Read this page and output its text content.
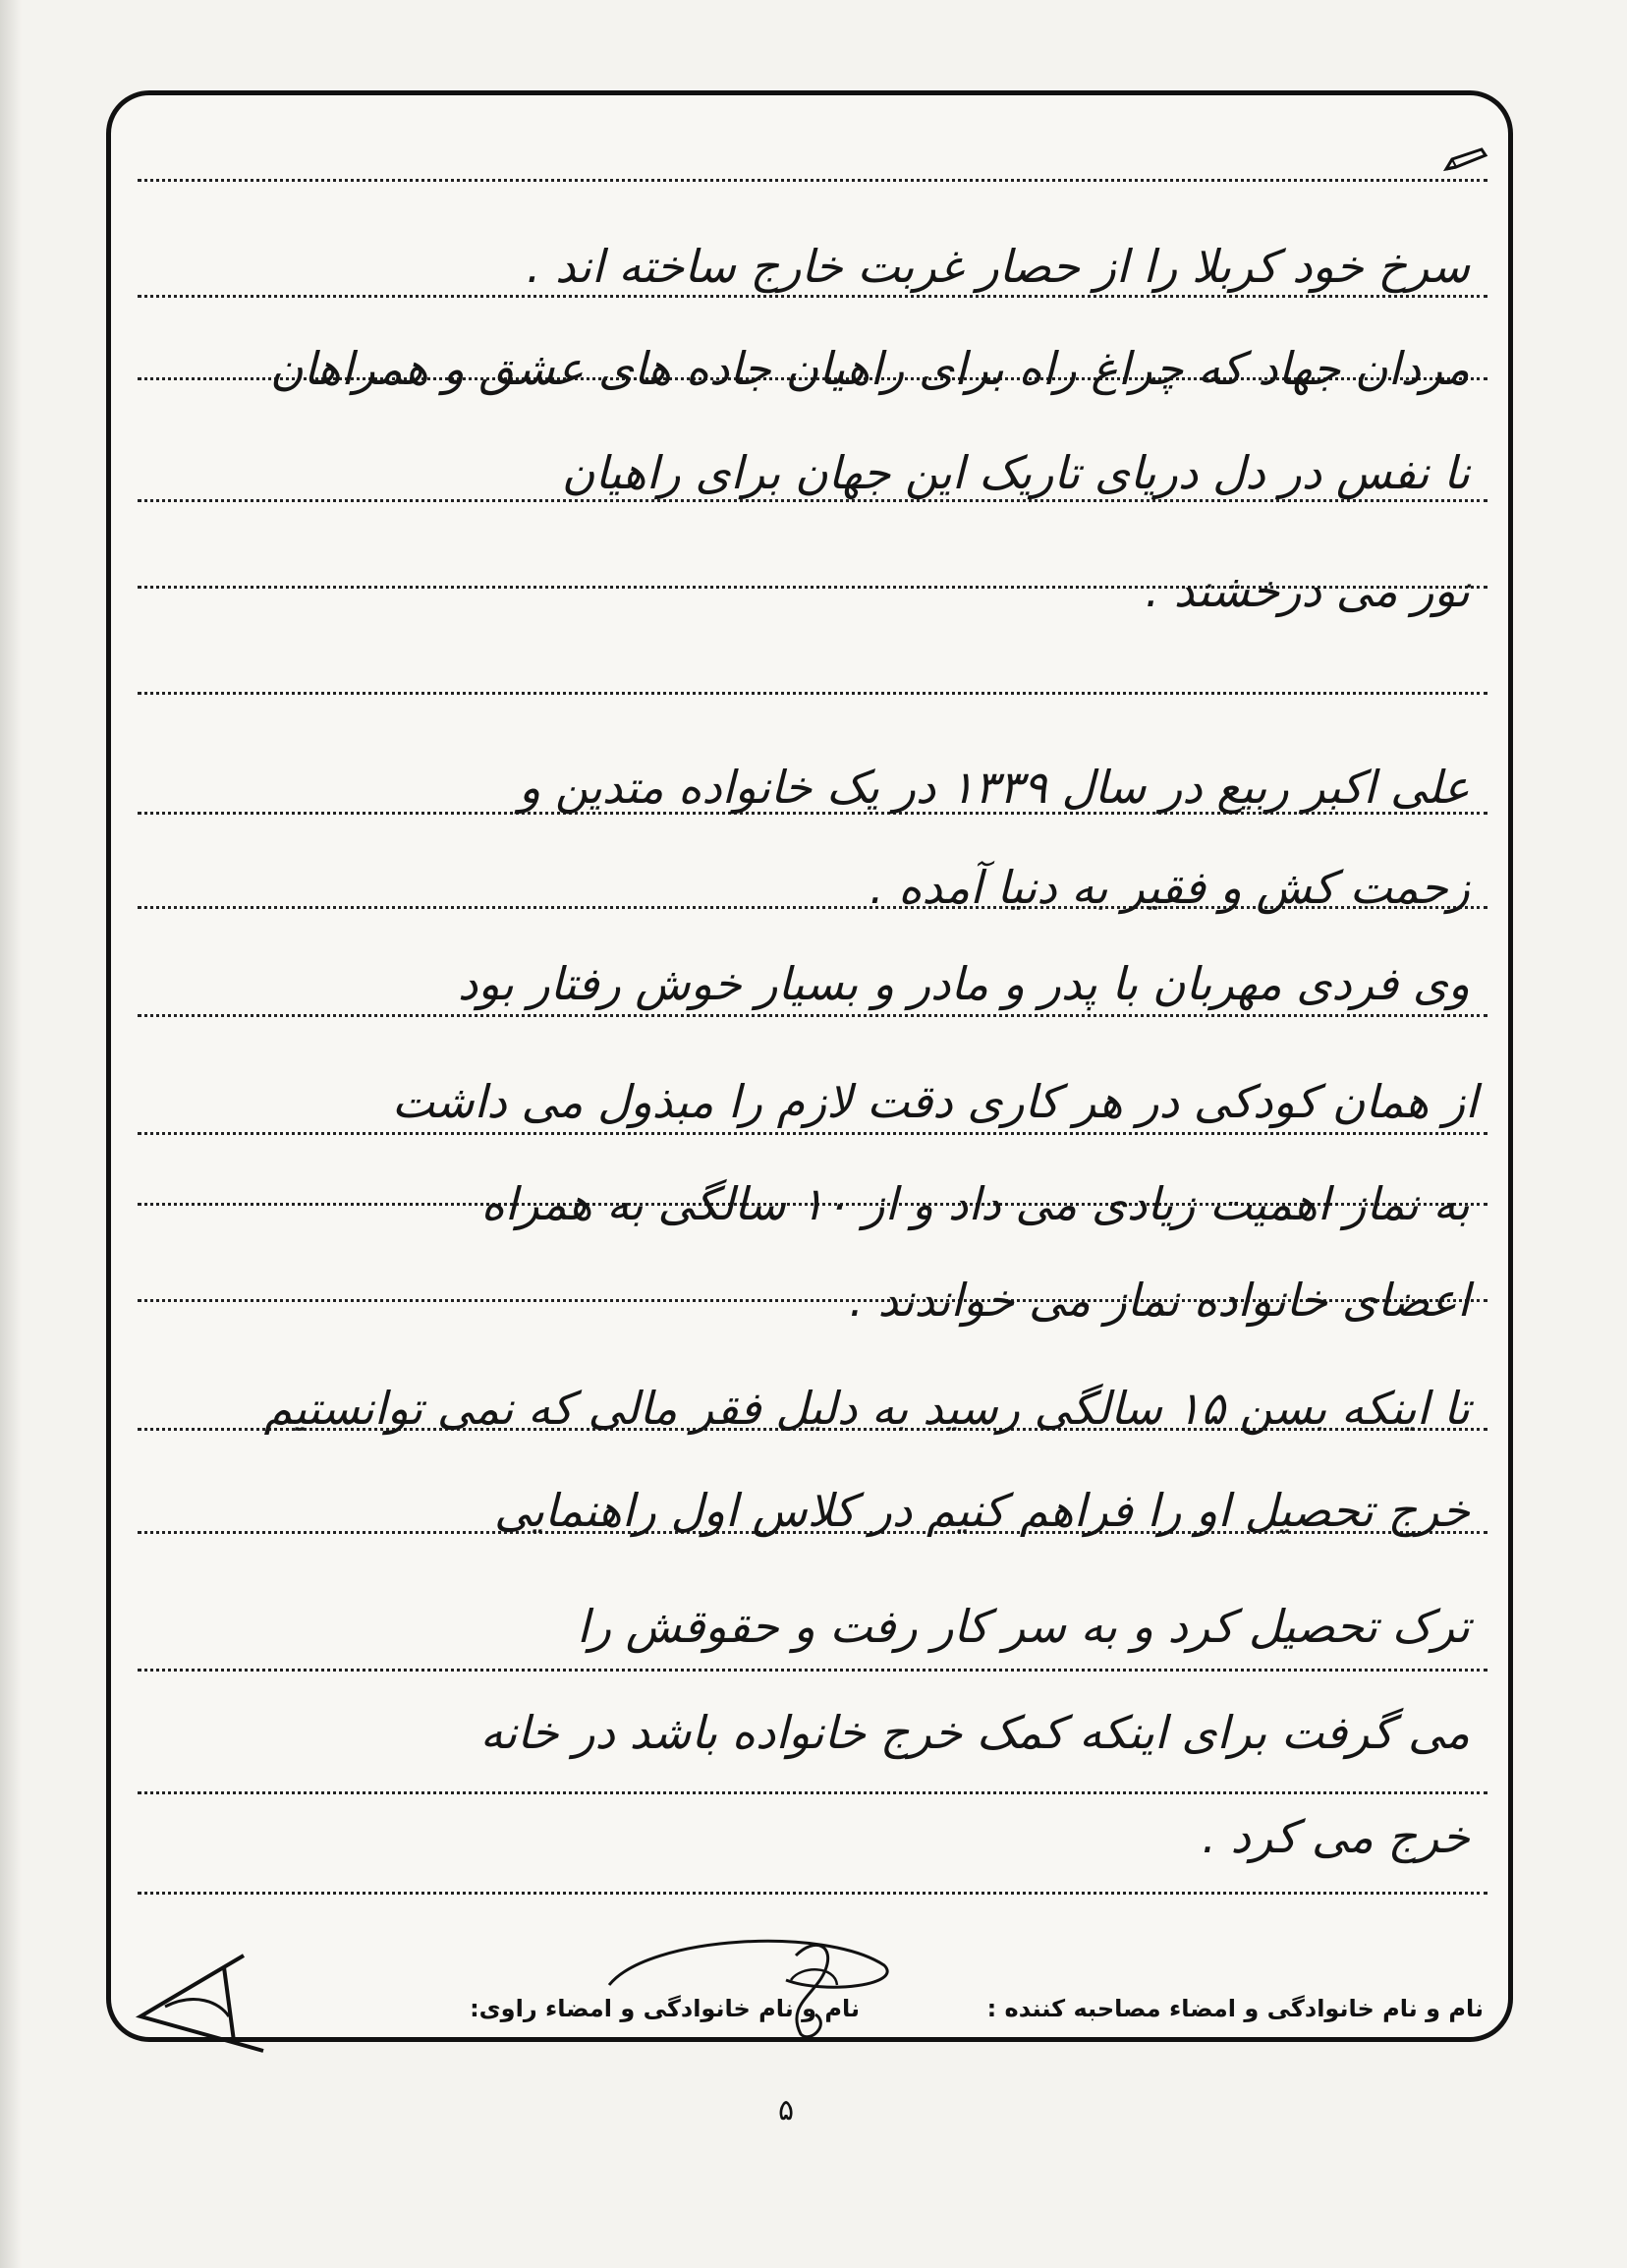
سرخ خود کربلا را از حصار غربت خارج ساخته اند .
مردان جهاد که چراغ راه برای راهیان جاده های عشق و همراهان
نا نفس در دل دریای تاریک این جهان برای راهیان
نور می درخشند .
علی اکبر ربیع در سال ۱۳۳۹ در یک خانواده متدین و
زحمت کش و فقیر به دنیا آمده .
وی فردی مهربان با پدر و مادر و بسیار خوش رفتار بود
از همان کودکی در هر کاری دقت لازم را مبذول می داشت
به نماز اهمیت زیادی می داد و از ۱۰ سالگی به همراه
اعضای خانواده نماز می خواندند .
تا اینکه بسن ۱۵ سالگی رسید به دلیل فقر مالی که نمی توانستیم
خرج تحصیل او را فراهم کنیم در کلاس اول راهنمایی
ترک تحصیل کرد و به سر کار رفت و حقوقش را
می گرفت برای اینکه کمک خرج خانواده باشد در خانه
خرج می کرد .
نام و نام خانوادگی و امضاء مصاحبه کننده :
نام و نام خانوادگی و امضاء راوی:
۵
